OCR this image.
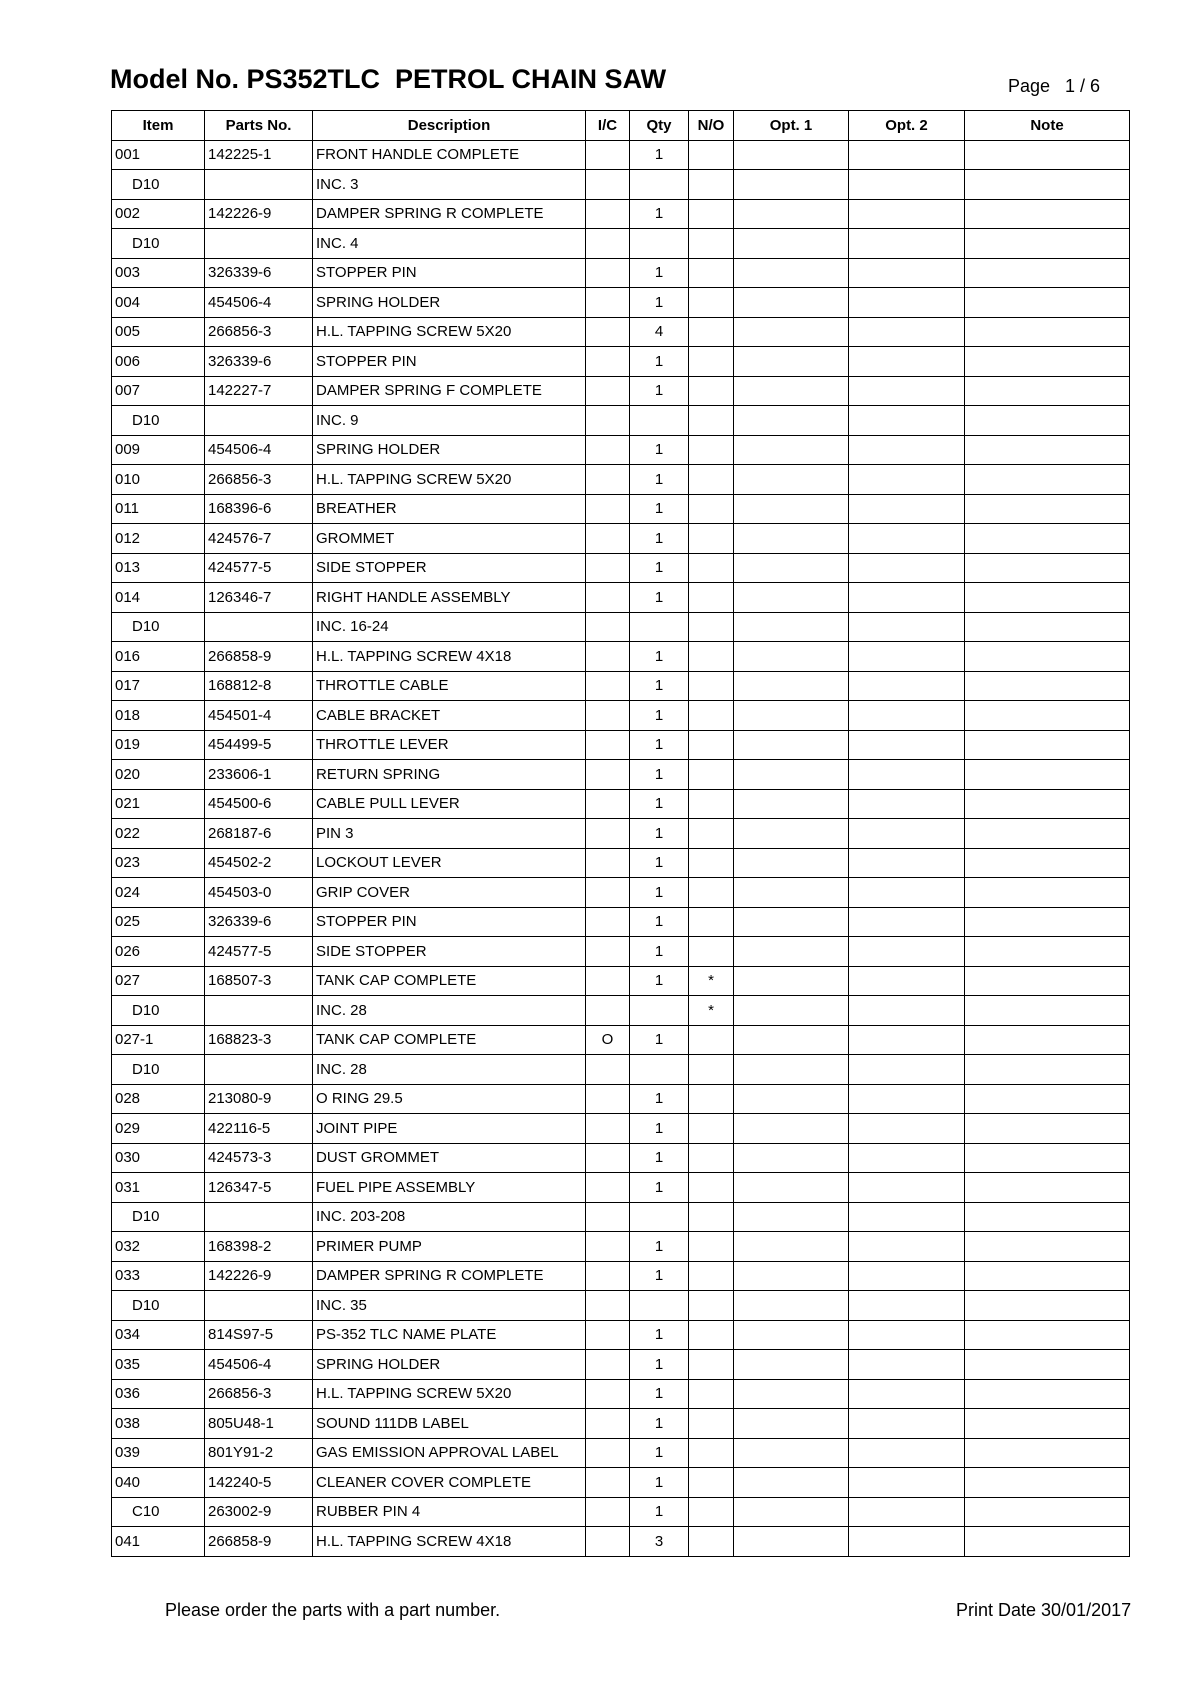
Model No. PS352TLC  PETROL CHAIN SAW	Page   1 / 6
Item	Parts No.	Description	I/C	Qty	N/O	Opt. 1	Opt. 2	Note
001	142225-1	FRONT HANDLE COMPLETE		1				
D10		INC. 3						
002	142226-9	DAMPER SPRING R COMPLETE		1				
D10		INC. 4						
003	326339-6	STOPPER PIN		1				
004	454506-4	SPRING HOLDER		1				
005	266856-3	H.L. TAPPING SCREW 5X20		4				
006	326339-6	STOPPER PIN		1				
007	142227-7	DAMPER SPRING F COMPLETE		1				
D10		INC. 9						
009	454506-4	SPRING HOLDER		1				
010	266856-3	H.L. TAPPING SCREW 5X20		1				
011	168396-6	BREATHER		1				
012	424576-7	GROMMET		1				
013	424577-5	SIDE STOPPER		1				
014	126346-7	RIGHT HANDLE ASSEMBLY		1				
D10		INC. 16-24						
016	266858-9	H.L. TAPPING SCREW 4X18		1				
017	168812-8	THROTTLE CABLE		1				
018	454501-4	CABLE BRACKET		1				
019	454499-5	THROTTLE LEVER		1				
020	233606-1	RETURN SPRING		1				
021	454500-6	CABLE PULL LEVER		1				
022	268187-6	PIN 3		1				
023	454502-2	LOCKOUT LEVER		1				
024	454503-0	GRIP COVER		1				
025	326339-6	STOPPER PIN		1				
026	424577-5	SIDE STOPPER		1				
027	168507-3	TANK CAP COMPLETE		1	*			
D10		INC. 28			*			
027-1	168823-3	TANK CAP COMPLETE	O	1				
D10		INC. 28						
028	213080-9	O RING 29.5		1				
029	422116-5	JOINT PIPE		1				
030	424573-3	DUST GROMMET		1				
031	126347-5	FUEL PIPE ASSEMBLY		1				
D10		INC. 203-208						
032	168398-2	PRIMER PUMP		1				
033	142226-9	DAMPER SPRING R COMPLETE		1				
D10		INC. 35						
034	814S97-5	PS-352 TLC NAME PLATE		1				
035	454506-4	SPRING HOLDER		1				
036	266856-3	H.L. TAPPING SCREW 5X20		1				
038	805U48-1	SOUND 111DB LABEL		1				
039	801Y91-2	GAS EMISSION APPROVAL LABEL		1				
040	142240-5	CLEANER COVER COMPLETE		1				
C10	263002-9	RUBBER PIN 4		1				
041	266858-9	H.L. TAPPING SCREW 4X18		3				
Please order the parts with a part number.	Print Date 30/01/2017
